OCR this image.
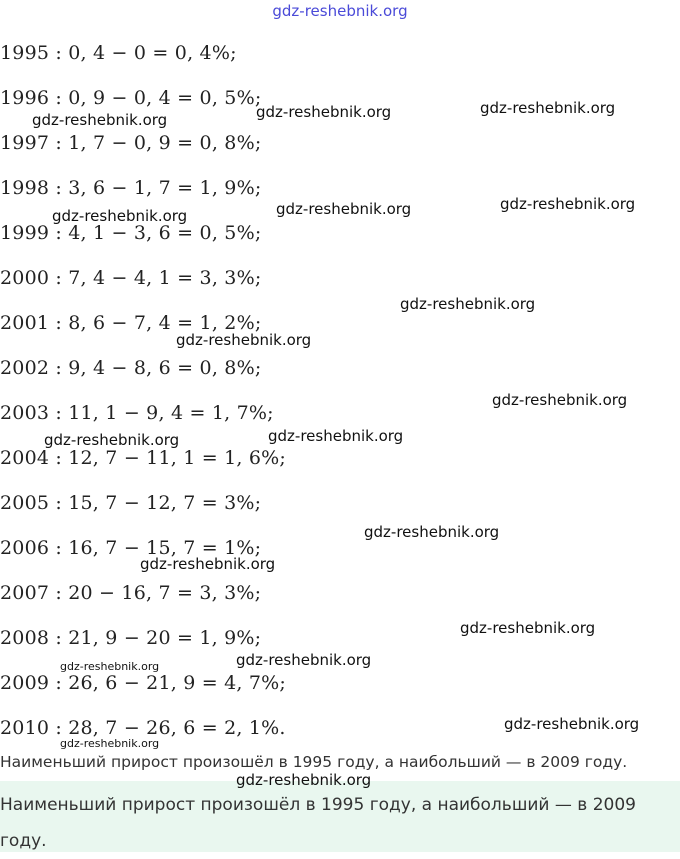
gdz-reshebnik.org
1995 : 0, 4 − 0 = 0, 4%;
1996 : 0, 9 − 0, 4 = 0, 5%;
1997 : 1, 7 − 0, 9 = 0, 8%;
1998 : 3, 6 − 1, 7 = 1, 9%;
1999 : 4, 1 − 3, 6 = 0, 5%;
2000 : 7, 4 − 4, 1 = 3, 3%;
2001 : 8, 6 − 7, 4 = 1, 2%;
2002 : 9, 4 − 8, 6 = 0, 8%;
2003 : 11, 1 − 9, 4 = 1, 7%;
2004 : 12, 7 − 11, 1 = 1, 6%;
2005 : 15, 7 − 12, 7 = 3%;
2006 : 16, 7 − 15, 7 = 1%;
2007 : 20 − 16, 7 = 3, 3%;
2008 : 21, 9 − 20 = 1, 9%;
2009 : 26, 6 − 21, 9 = 4, 7%;
2010 : 28, 7 − 26, 6 = 2, 1%.
gdz-reshebnik.org	gdz-reshebnik.org
gdz-reshebnik.org
gdz-reshebnik.org	gdz-reshebnik.org
gdz-reshebnik.org
gdz-reshebnik.org
gdz-reshebnik.org
gdz-reshebnik.org
gdz-reshebnik.org
gdz-reshebnik.org
gdz-reshebnik.org
gdz-reshebnik.org
gdz-reshebnik.org
gdz-reshebnik.org
gdz-reshebnik.org
gdz-reshebnik.org
gdz-reshebnik.org
Наименьший прирост произошёл в 1995 году, а наибольший — в 2009 году.
Наименьший прирост произошёл в 1995 году, а наибольший — в 2009 году.
gdz-reshebnik.org
